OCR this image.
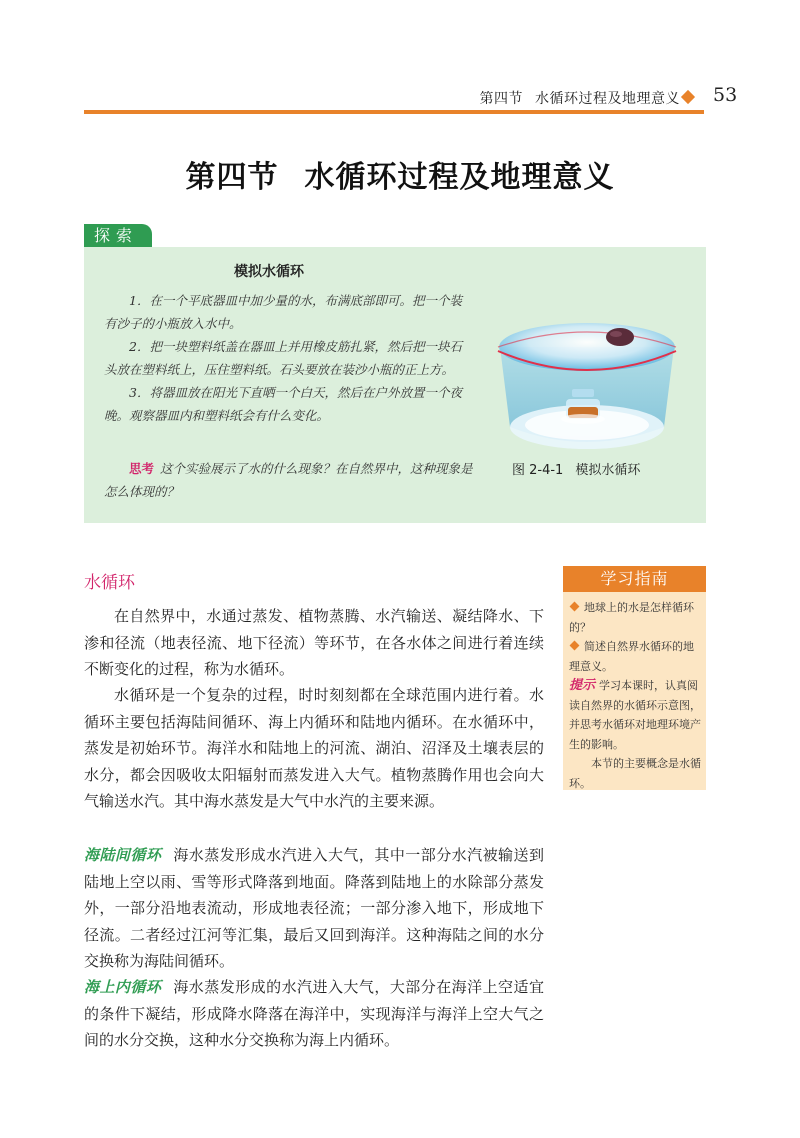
第四节 水循环过程及地理意义 53
第四节 水循环过程及地理意义
探索
模拟水循环

1．在一个平底器皿中加少量的水，布满底部即可。把一个装有沙子的小瓶放入水中。

2．把一块塑料纸盖在器皿上并用橡皮筋扎紧，然后把一块石头放在塑料纸上，压住塑料纸。石头要放在装沙小瓶的正上方。

3．将器皿放在阳光下直晒一个白天，然后在户外放置一个夜晚。观察器皿内和塑料纸会有什么变化。

思考 这个实验展示了水的什么现象？在自然界中，这种现象是怎么体现的？
图 2-4-1 模拟水循环
水循环

在自然界中，水通过蒸发、植物蒸腾、水汽输送、凝结降水、下渗和径流（地表径流、地下径流）等环节，在各水体之间进行着连续不断变化的过程，称为水循环。

水循环是一个复杂的过程，时时刻刻都在全球范围内进行着。水循环主要包括海陆间循环、海上内循环和陆地内循环。在水循环中，蒸发是初始环节。海洋水和陆地上的河流、湖泊、沼泽及土壤表层的水分，都会因吸收太阳辐射而蒸发进入大气。植物蒸腾作用也会向大气输送水汽。其中海水蒸发是大气中水汽的主要来源。

海陆间循环 海水蒸发形成水汽进入大气，其中一部分水汽被输送到陆地上空以雨、雪等形式降落到地面。降落到陆地上的水除部分蒸发外，一部分沿地表流动，形成地表径流；一部分渗入地下，形成地下径流。二者经过江河等汇集，最后又回到海洋。这种海陆之间的水分交换称为海陆间循环。

海上内循环 海水蒸发形成的水汽进入大气，大部分在海洋上空适宜的条件下凝结，形成降水降落在海洋中，实现海洋与海洋上空大气之间的水分交换，这种水分交换称为海上内循环。

学习指南
地球上的水是怎样循环的？
简述自然界水循环的地理意义。
提示 学习本课时，认真阅读自然界的水循环示意图，并思考水循环对地理环境产生的影响。
本节的主要概念是水循环。
